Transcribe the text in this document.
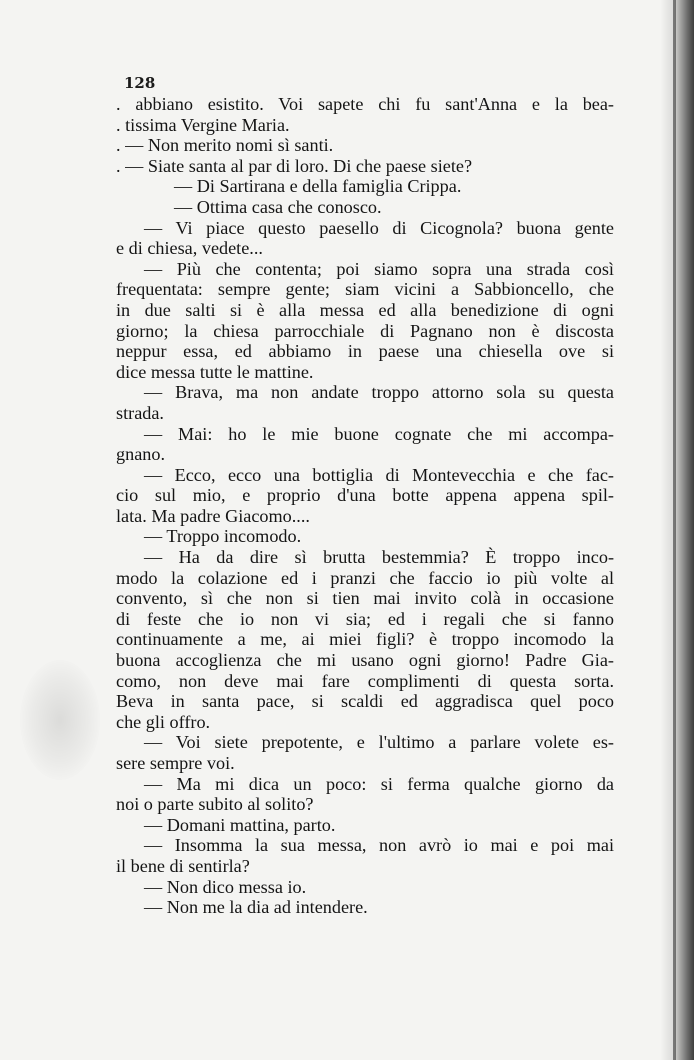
128
. abbiano esistito. Voi sapete chi fu sant'Anna e la bea-
. tissima Vergine Maria.
. — Non merito nomi sì santi.
. — Siate santa al par di loro. Di che paese siete?
— Di Sartirana e della famiglia Crippa.
— Ottima casa che conosco.
— Vi piace questo paesello di Cicognola? buona gente
e di chiesa, vedete...
— Più che contenta; poi siamo sopra una strada così
frequentata: sempre gente; siam vicini a Sabbioncello, che
in due salti si è alla messa ed alla benedizione di ogni
giorno; la chiesa parrocchiale di Pagnano non è discosta
neppur essa, ed abbiamo in paese una chiesella ove si
dice messa tutte le mattine.
— Brava, ma non andate troppo attorno sola su questa
strada.
— Mai: ho le mie buone cognate che mi accompa-
gnano.
— Ecco, ecco una bottiglia di Montevecchia e che fac-
cio sul mio, e proprio d'una botte appena appena spil-
lata. Ma padre Giacomo....
— Troppo incomodo.
— Ha da dire sì brutta bestemmia? È troppo inco-
modo la colazione ed i pranzi che faccio io più volte al
convento, sì che non si tien mai invito colà in occasione
di feste che io non vi sia; ed i regali che si fanno
continuamente a me, ai miei figli? è troppo incomodo la
buona accoglienza che mi usano ogni giorno! Padre Gia-
como, non deve mai fare complimenti di questa sorta.
Beva in santa pace, si scaldi ed aggradisca quel poco
che gli offro.
— Voi siete prepotente, e l'ultimo a parlare volete es-
sere sempre voi.
— Ma mi dica un poco: si ferma qualche giorno da
noi o parte subito al solito?
— Domani mattina, parto.
— Insomma la sua messa, non avrò io mai e poi mai
il bene di sentirla?
— Non dico messa io.
— Non me la dia ad intendere.
